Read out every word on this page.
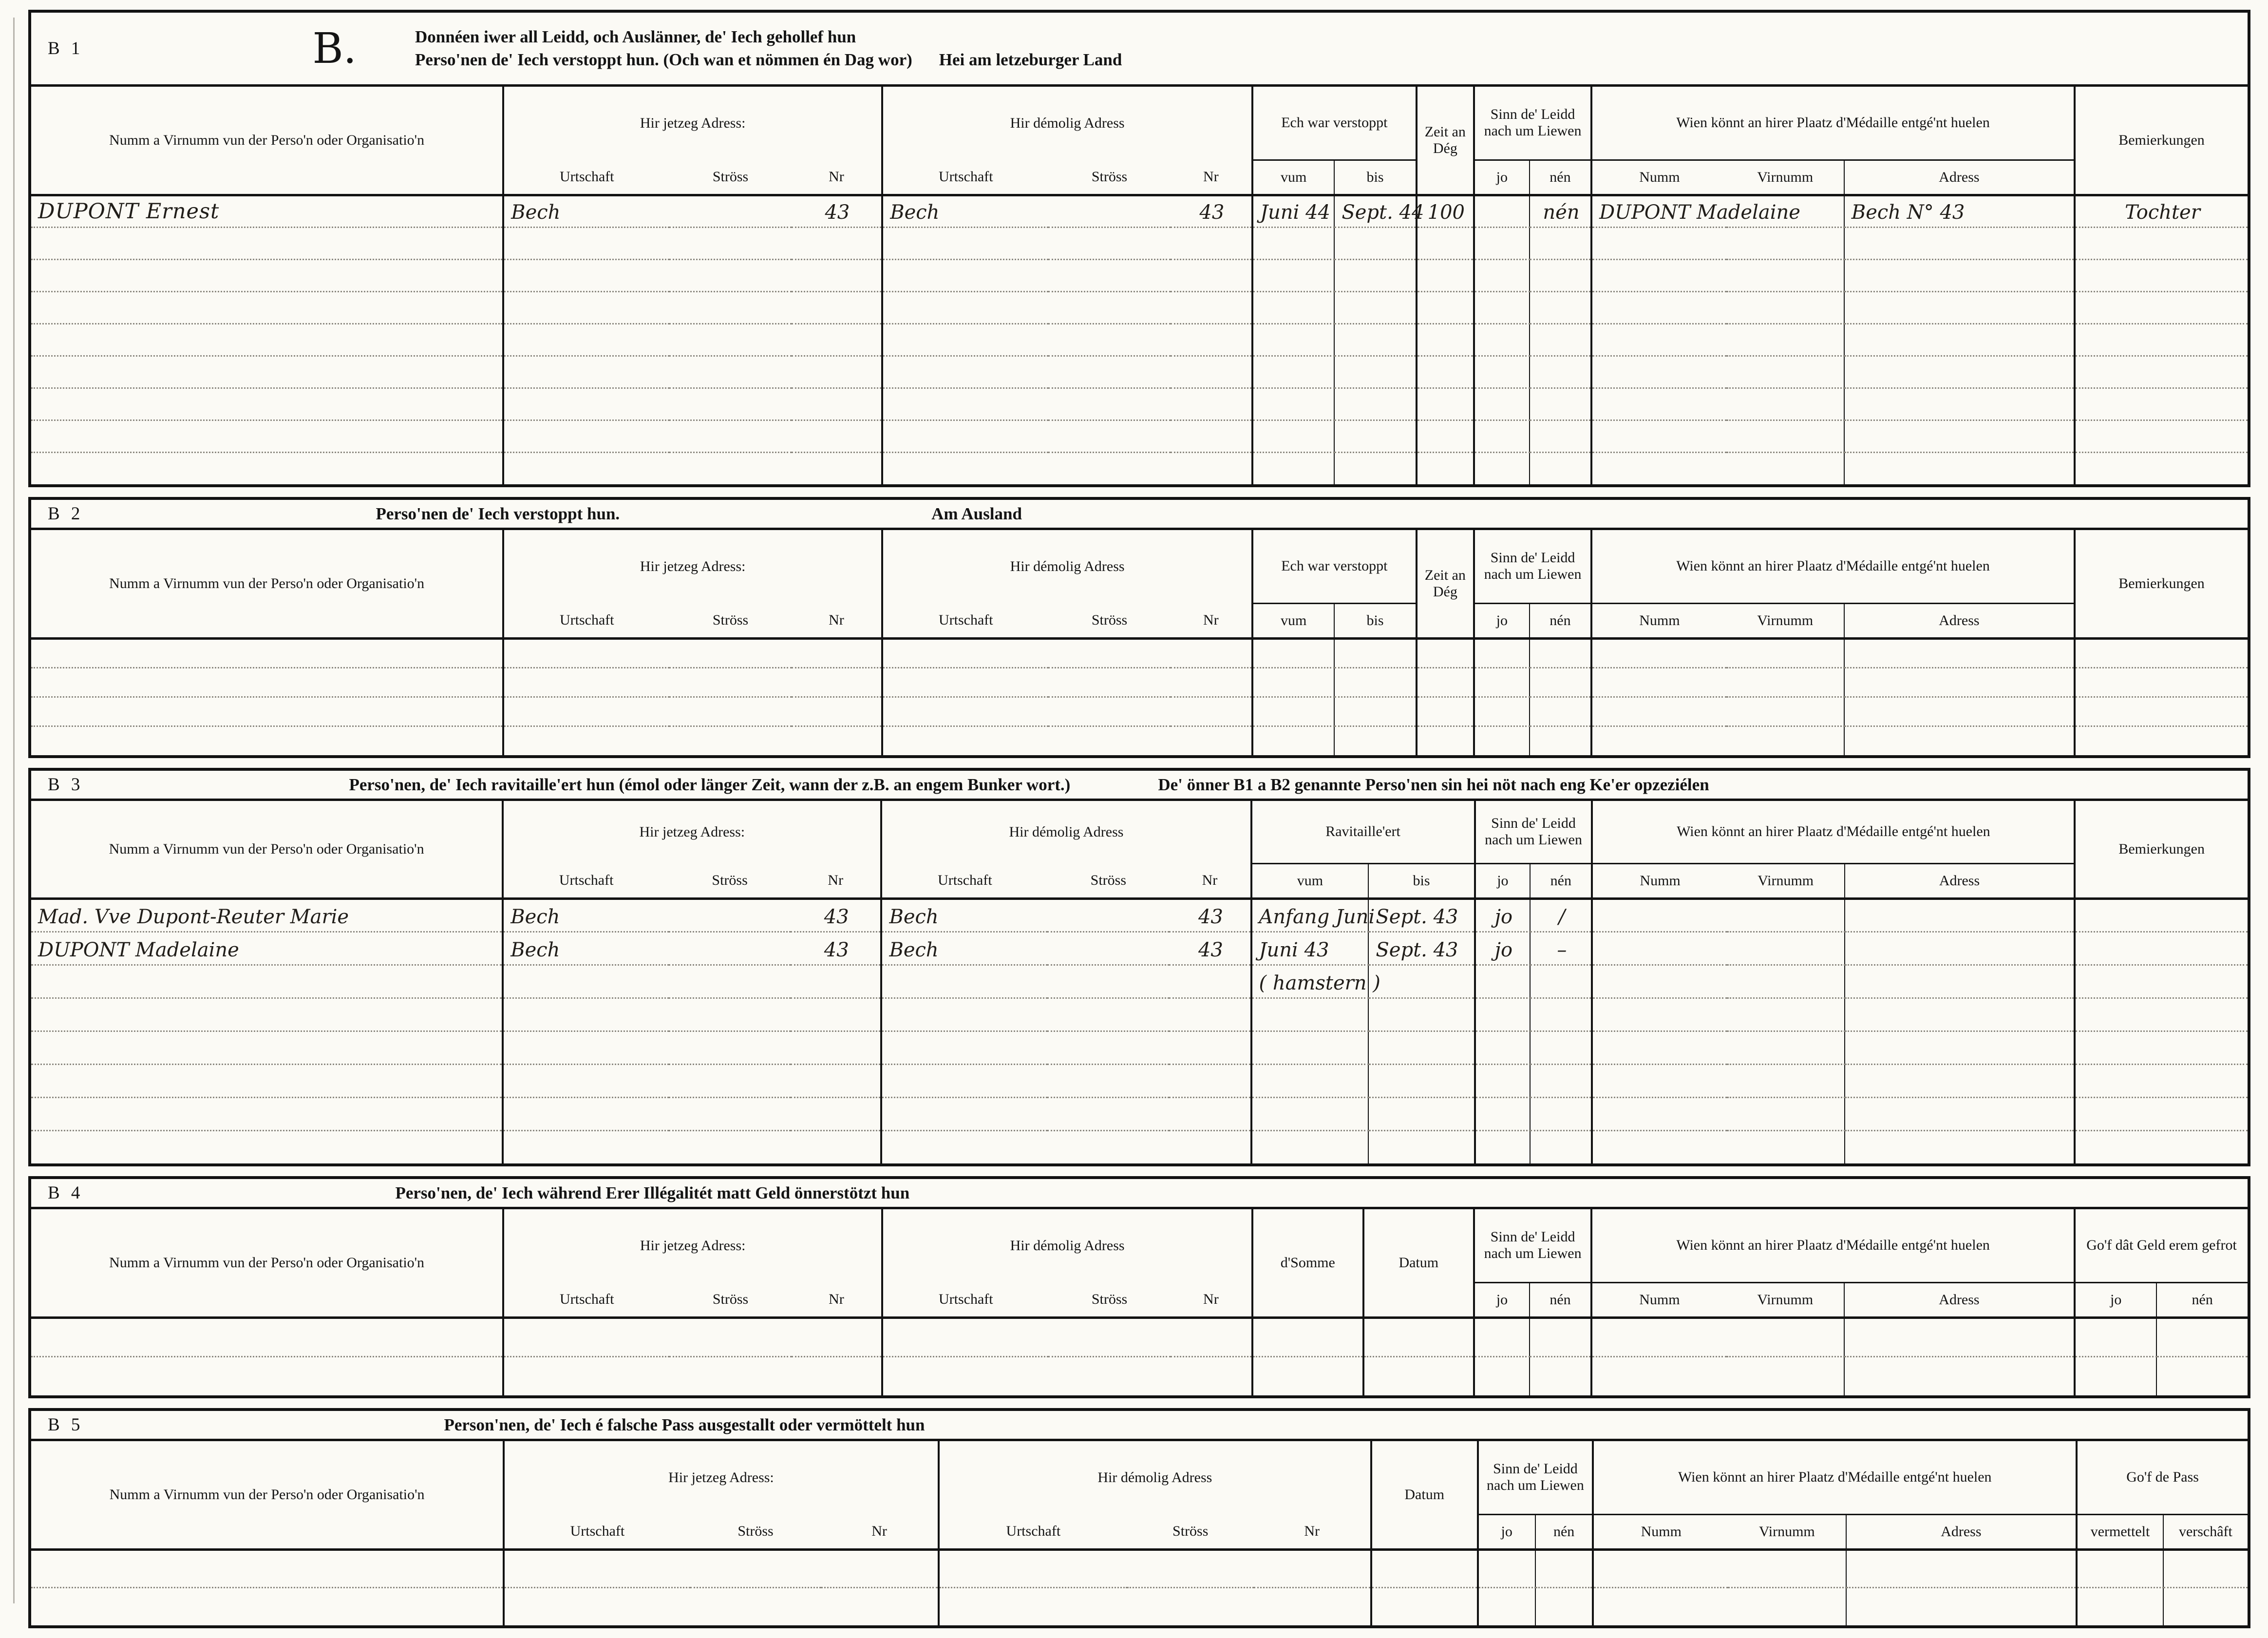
B 1	B.	Donnéen iwer all Leidd, och Auslänner, de' Iech gehollef hun
Perso'nen de' Iech verstoppt hun. (Och wan et nömmen én Dag wor) Hei am letzeburger Land
Numm a Virnumm vun der Perso'n oder Organisatio'n	Hir jetzeg Adress:			Hir démolig Adress			Ech war verstoppt		Zeit an Dég	Sinn de' Leidd nach um Liewen		Wien könnt an hirer Plaatz d'Médaille entgé'nt huelen			Bemierkungen
	Urtschaft	Ströss	Nr	Urtschaft	Ströss	Nr	vum	bis		jo	nén	Numm	Virnumm	Adress	
DUPONT Ernest	Bech		43	Bech		43	Juni 44	Sept. 44	100		nén	DUPONT Madelaine		Bech N° 43	Tochter

B 2	Perso'nen de' Iech verstoppt hun.	Am Ausland
Numm a Virnumm vun der Perso'n oder Organisatio'n	Hir jetzeg Adress:			Hir démolig Adress			Ech war verstoppt		Zeit an Dég	Sinn de' Leidd nach um Liewen		Wien könnt an hirer Plaatz d'Médaille entgé'nt huelen			Bemierkungen
	Urtschaft	Ströss	Nr	Urtschaft	Ströss	Nr	vum	bis		jo	nén	Numm	Virnumm	Adress	

B 3	Perso'nen, de' Iech ravitaille'ert hun (émol oder länger Zeit, wann der z.B. an engem Bunker wort.)	De' önner B1 a B2 genannte Perso'nen sin hei nöt nach eng Ke'er opzeziélen
Numm a Virnumm vun der Perso'n oder Organisatio'n	Hir jetzeg Adress:			Hir démolig Adress			Ravitaille'ert		Sinn de' Leidd nach um Liewen		Wien könnt an hirer Plaatz d'Médaille entgé'nt huelen			Bemierkungen
	Urtschaft	Ströss	Nr	Urtschaft	Ströss	Nr	vum	bis	jo	nén	Numm	Virnumm	Adress	
Mad. Vve Dupont-Reuter Marie	Bech		43	Bech		43	Anfang Juni	Sept. 43	jo	/				
DUPONT Madelaine	Bech		43	Bech		43	Juni 43	Sept. 43	jo	–				
							( hamstern )							

B 4	Perso'nen, de' Iech während Erer Illégalitét matt Geld önnerstötzt hun
Numm a Virnumm vun der Perso'n oder Organisatio'n	Hir jetzeg Adress:			Hir démolig Adress			d'Somme	Datum	Sinn de' Leidd nach um Liewen		Wien könnt an hirer Plaatz d'Médaille entgé'nt huelen			Go'f dât Geld erem gefrot	
	Urtschaft	Ströss	Nr	Urtschaft	Ströss	Nr			jo	nén	Numm	Virnumm	Adress	jo	nén

B 5	Person'nen, de' Iech é falsche Pass ausgestallt oder vermöttelt hun
Numm a Virnumm vun der Perso'n oder Organisatio'n	Hir jetzeg Adress:			Hir démolig Adress			Datum	Sinn de' Leidd nach um Liewen		Wien könnt an hirer Plaatz d'Médaille entgé'nt huelen			Go'f de Pass	
	Urtschaft	Ströss	Nr	Urtschaft	Ströss	Nr		jo	nén	Numm	Virnumm	Adress	vermettelt	verschâft
